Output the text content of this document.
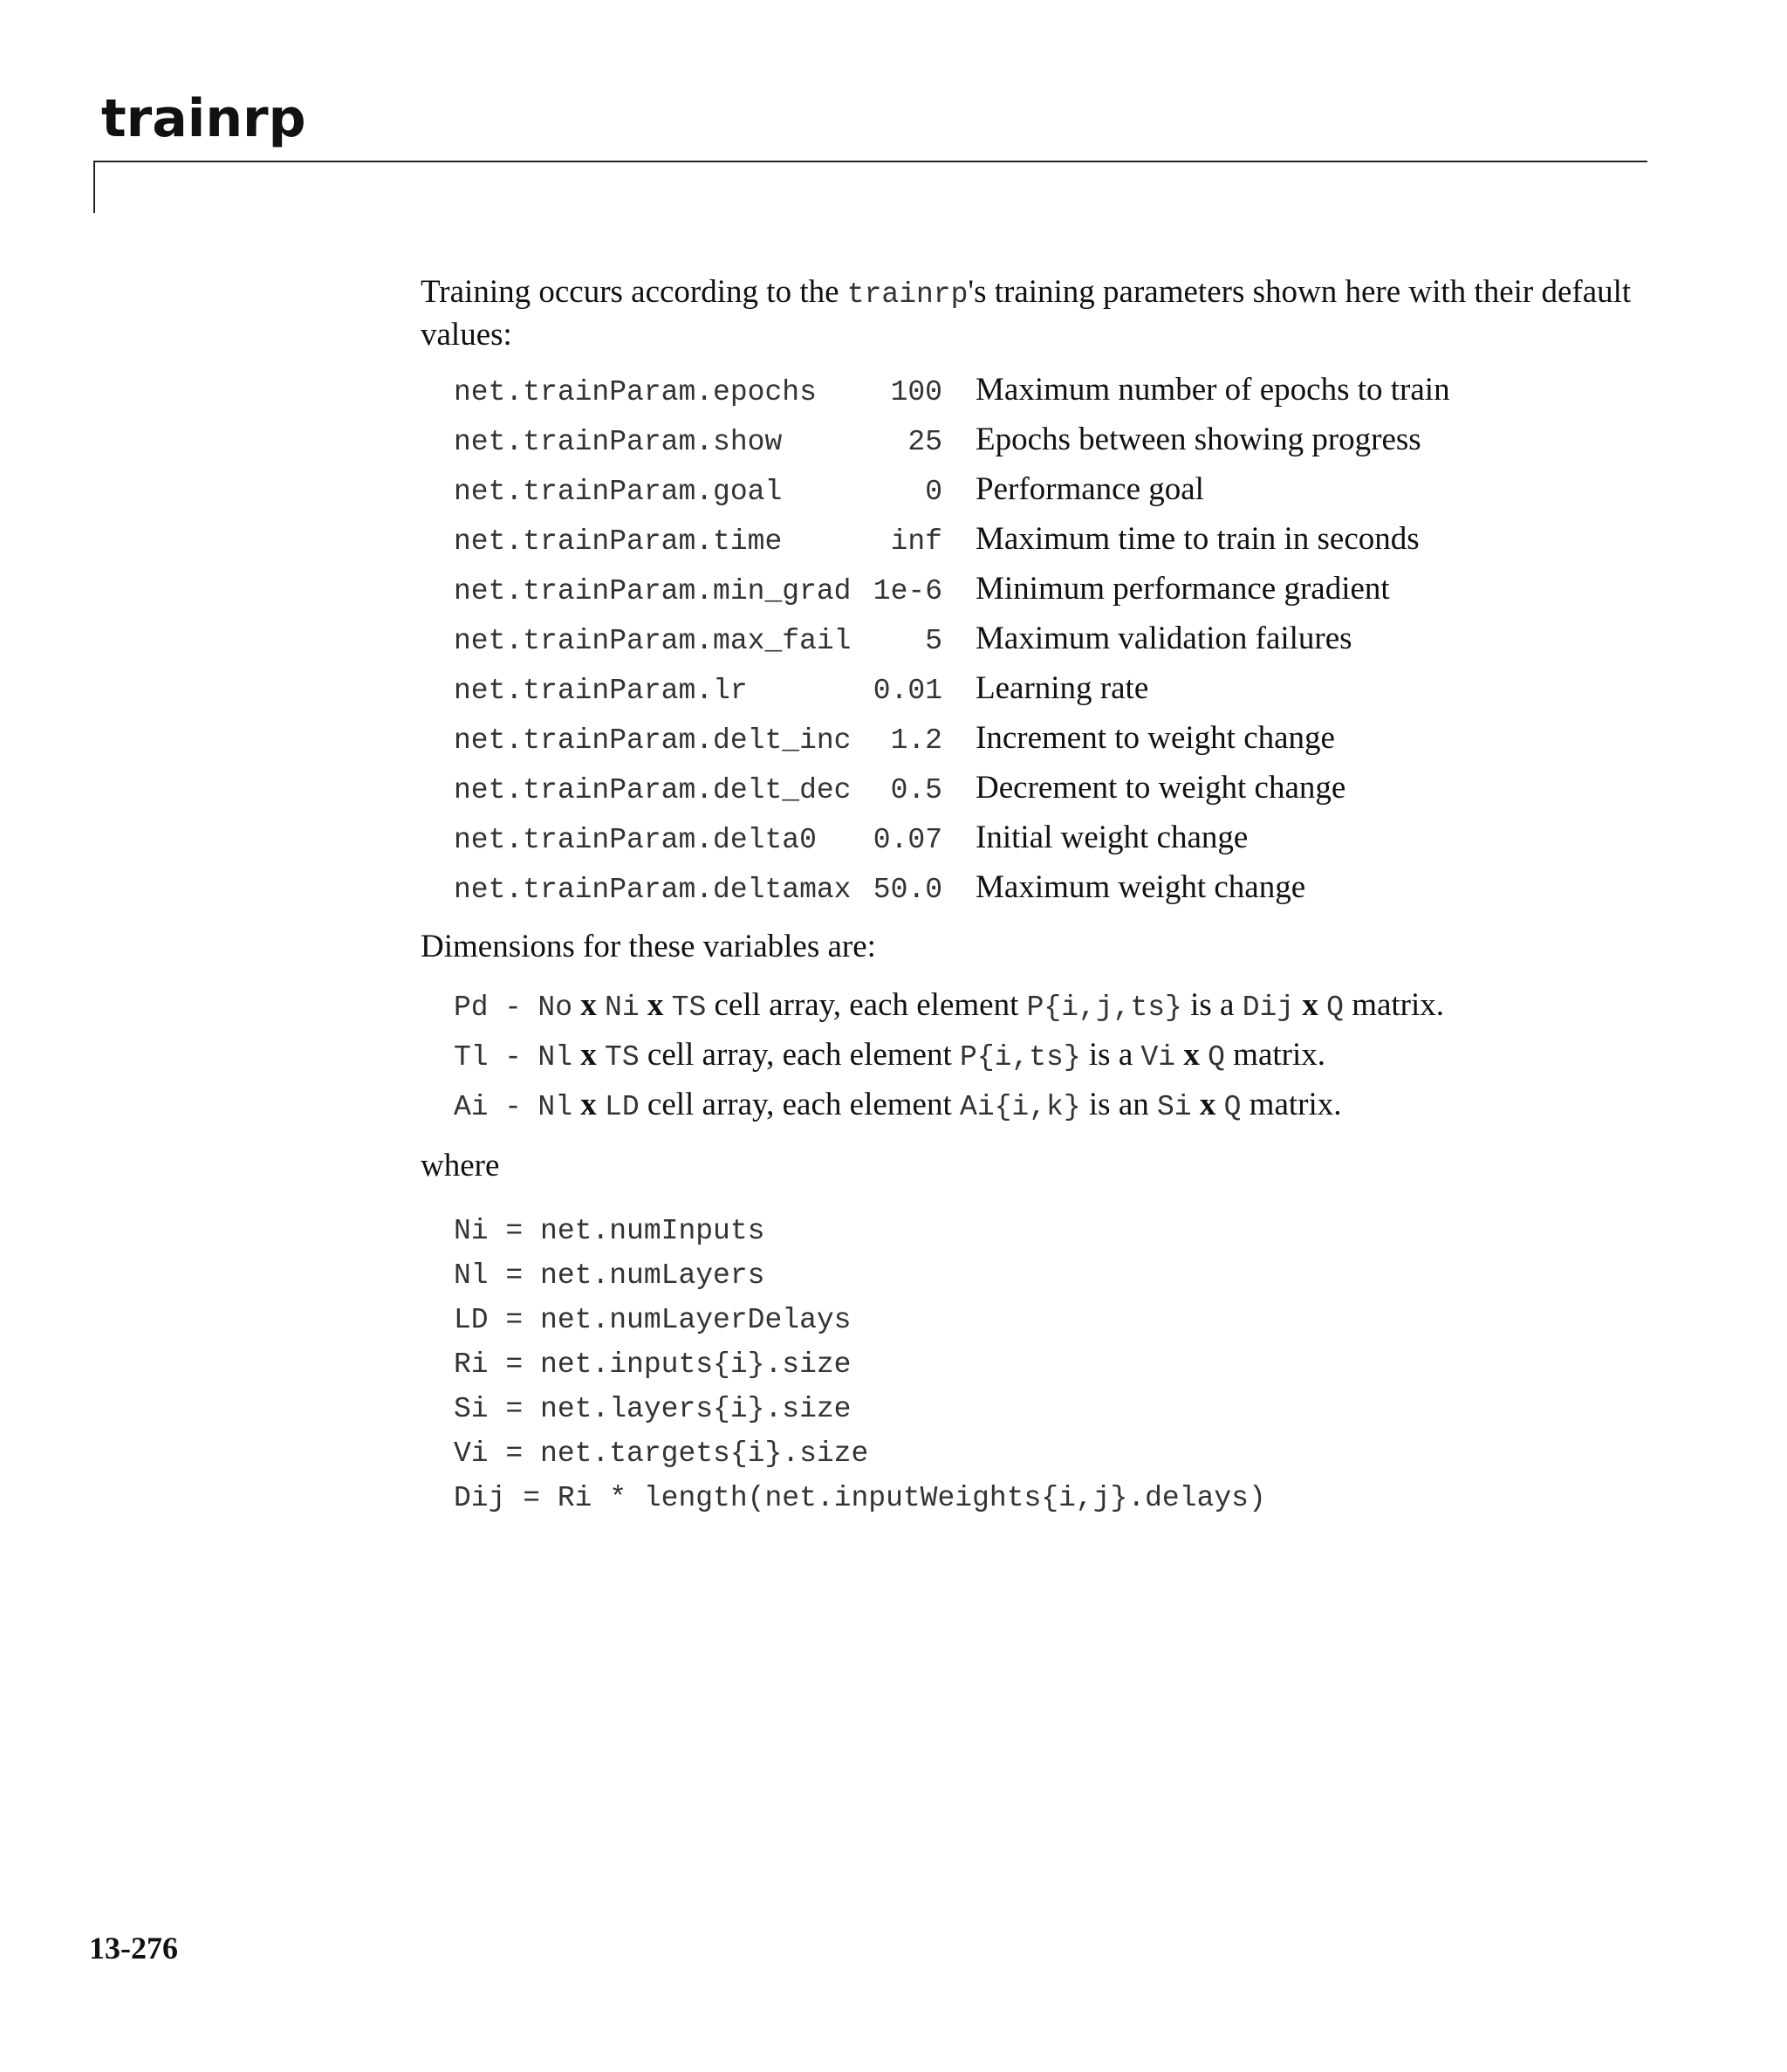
trainrp

Training occurs according to the trainrp's training parameters shown here with their default values:

net.trainParam.epochs	100 Maximum number of epochs to train
net.trainParam.show	25 Epochs between showing progress
net.trainParam.goal	0 Performance goal
net.trainParam.time	inf Maximum time to train in seconds
net.trainParam.min_grad 1e-6 Minimum performance gradient
net.trainParam.max_fail	5 Maximum validation failures
net.trainParam.lr	0.01 Learning rate
net.trainParam.delt_inc	1.2 Increment to weight change
net.trainParam.delt_dec	0.5 Decrement to weight change
net.trainParam.delta0	0.07 Initial weight change
net.trainParam.deltamax 50.0 Maximum weight change

Dimensions for these variables are:

Pd - No x Ni x TS cell array, each element P{i,j,ts} is a Dij x Q matrix.
Tl - Nl x TS cell array, each element P{i,ts} is a Vi x Q matrix.
Ai - Nl x LD cell array, each element Ai{i,k} is an Si x Q matrix.

where

Ni = net.numInputs
Nl = net.numLayers
LD = net.numLayerDelays
Ri = net.inputs{i}.size
Si = net.layers{i}.size
Vi = net.targets{i}.size
Dij = Ri * length(net.inputWeights{i,j}.delays)
13-276
